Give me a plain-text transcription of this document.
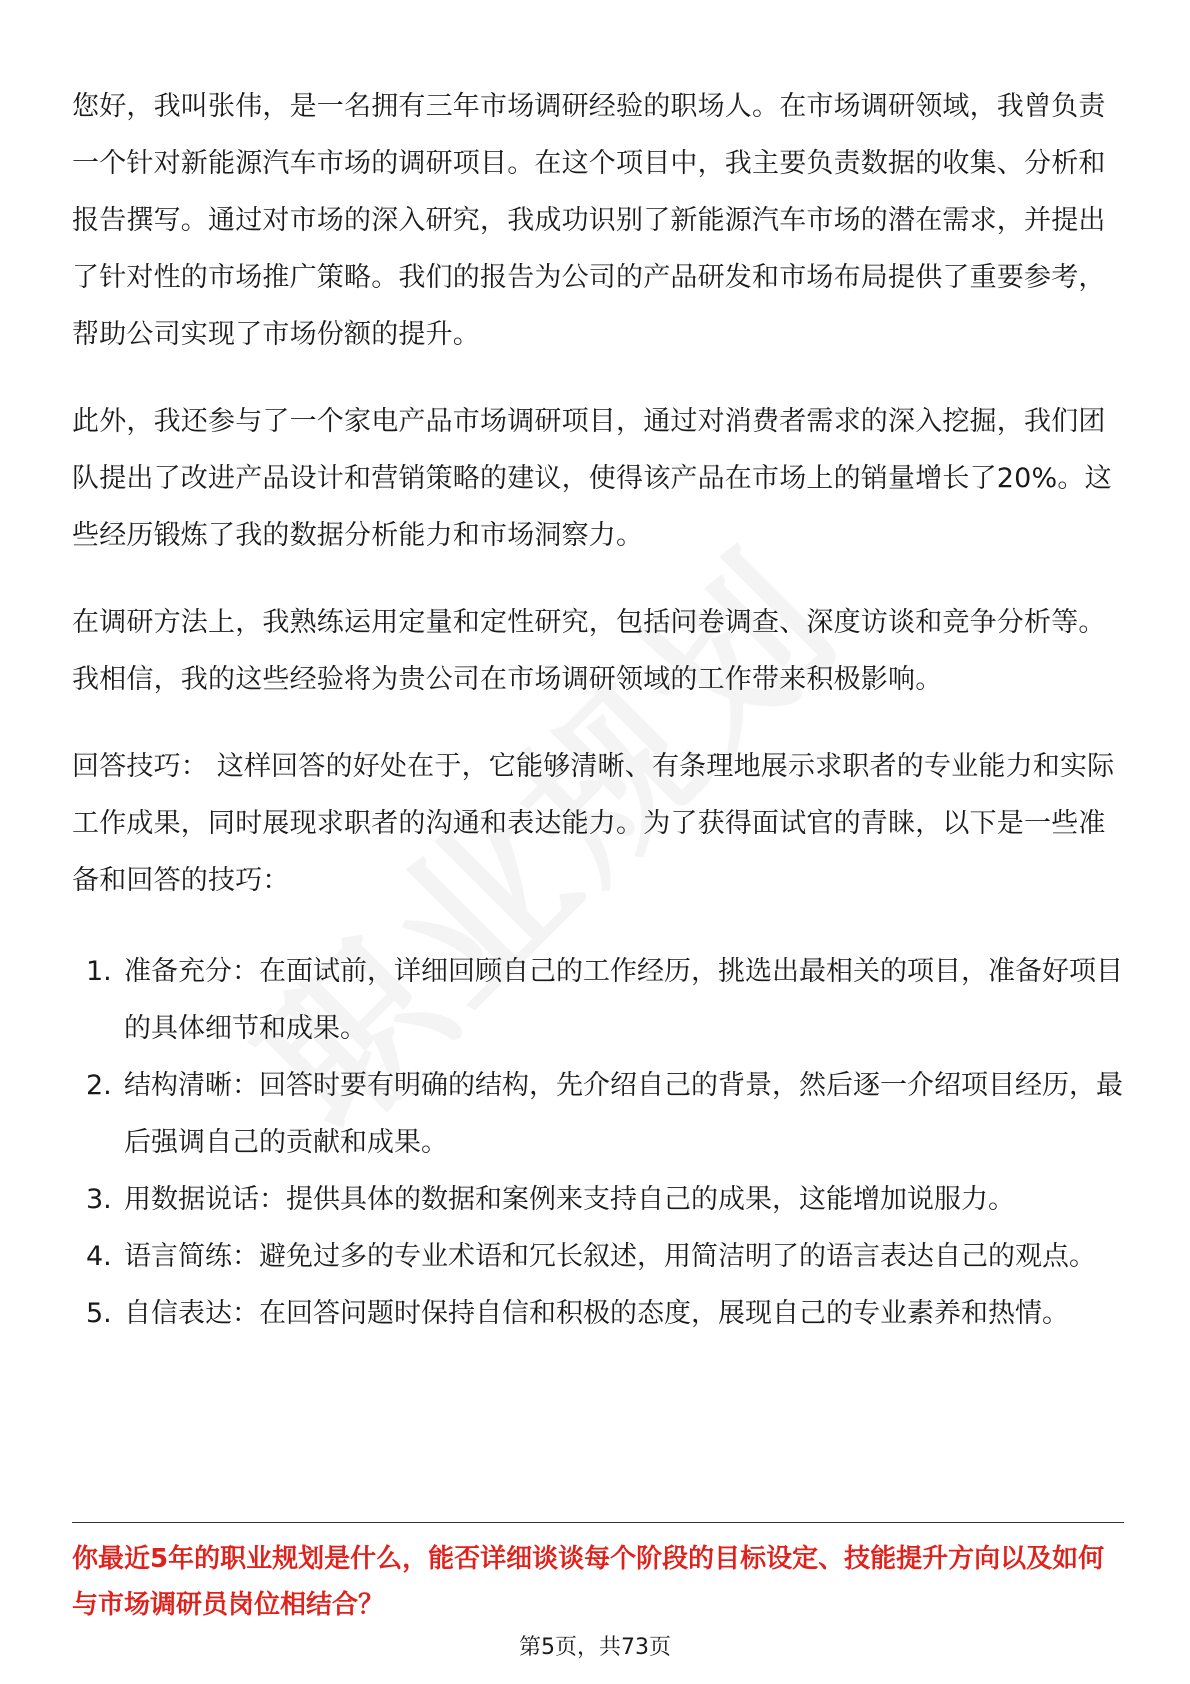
您好，我叫张伟，是一名拥有三年市场调研经验的职场人。在市场调研领域，我曾负责一个针对新能源汽车市场的调研项目。在这个项目中，我主要负责数据的收集、分析和报告撰写。通过对市场的深入研究，我成功识别了新能源汽车市场的潜在需求，并提出了针对性的市场推广策略。我们的报告为公司的产品研发和市场布局提供了重要参考，帮助公司实现了市场份额的提升。

此外，我还参与了一个家电产品市场调研项目，通过对消费者需求的深入挖掘，我们团队提出了改进产品设计和营销策略的建议，使得该产品在市场上的销量增长了20%。这些经历锻炼了我的数据分析能力和市场洞察力。

在调研方法上，我熟练运用定量和定性研究，包括问卷调查、深度访谈和竞争分析等。我相信，我的这些经验将为贵公司在市场调研领域的工作带来积极影响。

回答技巧： 这样回答的好处在于，它能够清晰、有条理地展示求职者的专业能力和实际工作成果，同时展现求职者的沟通和表达能力。为了获得面试官的青睐，以下是一些准备和回答的技巧：

1. 准备充分：在面试前，详细回顾自己的工作经历，挑选出最相关的项目，准备好项目的具体细节和成果。
2. 结构清晰：回答时要有明确的结构，先介绍自己的背景，然后逐一介绍项目经历，最后强调自己的贡献和成果。
3. 用数据说话：提供具体的数据和案例来支持自己的成果，这能增加说服力。
4. 语言简练：避免过多的专业术语和冗长叙述，用简洁明了的语言表达自己的观点。
5. 自信表达：在回答问题时保持自信和积极的态度，展现自己的专业素养和热情。
你最近5年的职业规划是什么，能否详细谈谈每个阶段的目标设定、技能提升方向以及如何与市场调研员岗位相结合？
第5页，共73页
